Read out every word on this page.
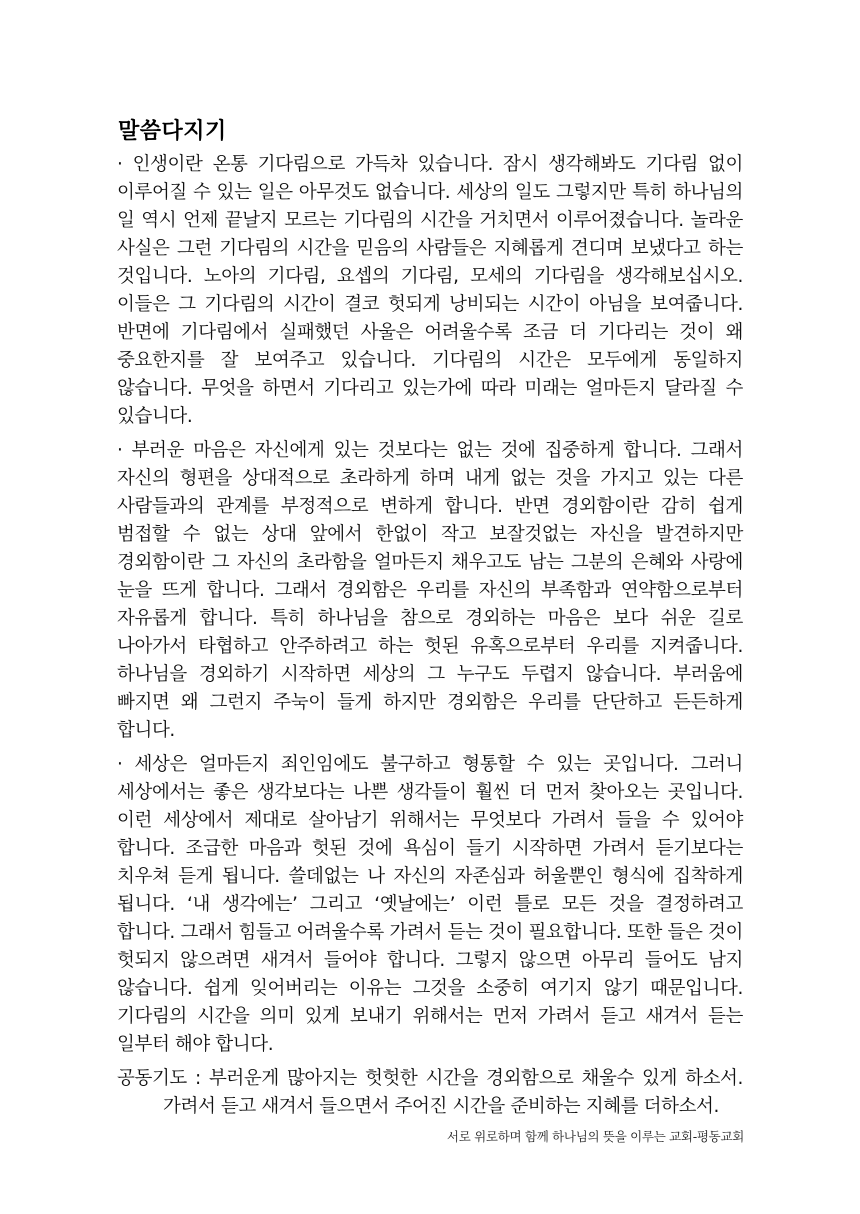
말씀다지기

· 인생이란 온통 기다림으로 가득차 있습니다. 잠시 생각해봐도 기다림 없이 이루어질 수 있는 일은 아무것도 없습니다. 세상의 일도 그렇지만 특히 하나님의 일 역시 언제 끝날지 모르는 기다림의 시간을 거치면서 이루어졌습니다. 놀라운 사실은 그런 기다림의 시간을 믿음의 사람들은 지혜롭게 견디며 보냈다고 하는 것입니다. 노아의 기다림, 요셉의 기다림, 모세의 기다림을 생각해보십시오. 이들은 그 기다림의 시간이 결코 헛되게 낭비되는 시간이 아님을 보여줍니다. 반면에 기다림에서 실패했던 사울은 어려울수록 조금 더 기다리는 것이 왜 중요한지를 잘 보여주고 있습니다. 기다림의 시간은 모두에게 동일하지 않습니다. 무엇을 하면서 기다리고 있는가에 따라 미래는 얼마든지 달라질 수 있습니다.

· 부러운 마음은 자신에게 있는 것보다는 없는 것에 집중하게 합니다. 그래서 자신의 형편을 상대적으로 초라하게 하며 내게 없는 것을 가지고 있는 다른 사람들과의 관계를 부정적으로 변하게 합니다. 반면 경외함이란 감히 쉽게 범접할 수 없는 상대 앞에서 한없이 작고 보잘것없는 자신을 발견하지만 경외함이란 그 자신의 초라함을 얼마든지 채우고도 남는 그분의 은혜와 사랑에 눈을 뜨게 합니다. 그래서 경외함은 우리를 자신의 부족함과 연약함으로부터 자유롭게 합니다. 특히 하나님을 참으로 경외하는 마음은 보다 쉬운 길로 나아가서 타협하고 안주하려고 하는 헛된 유혹으로부터 우리를 지켜줍니다. 하나님을 경외하기 시작하면 세상의 그 누구도 두렵지 않습니다. 부러움에 빠지면 왜 그런지 주눅이 들게 하지만 경외함은 우리를 단단하고 든든하게 합니다.

· 세상은 얼마든지 죄인임에도 불구하고 형통할 수 있는 곳입니다. 그러니 세상에서는 좋은 생각보다는 나쁜 생각들이 훨씬 더 먼저 찾아오는 곳입니다. 이런 세상에서 제대로 살아남기 위해서는 무엇보다 가려서 들을 수 있어야 합니다. 조급한 마음과 헛된 것에 욕심이 들기 시작하면 가려서 듣기보다는 치우쳐 듣게 됩니다. 쓸데없는 나 자신의 자존심과 허울뿐인 형식에 집착하게 됩니다. ‘내 생각에는’ 그리고 ‘옛날에는’ 이런 틀로 모든 것을 결정하려고 합니다. 그래서 힘들고 어려울수록 가려서 듣는 것이 필요합니다. 또한 들은 것이 헛되지 않으려면 새겨서 들어야 합니다. 그렇지 않으면 아무리 들어도 남지 않습니다. 쉽게 잊어버리는 이유는 그것을 소중히 여기지 않기 때문입니다. 기다림의 시간을 의미 있게 보내기 위해서는 먼저 가려서 듣고 새겨서 듣는 일부터 해야 합니다.

공동기도 : 부러운게 많아지는 헛헛한 시간을 경외함으로 채울수 있게 하소서. 가려서 듣고 새겨서 들으면서 주어진 시간을 준비하는 지혜를 더하소서.

서로 위로하며 함께 하나님의 뜻을 이루는 교회-평동교회
